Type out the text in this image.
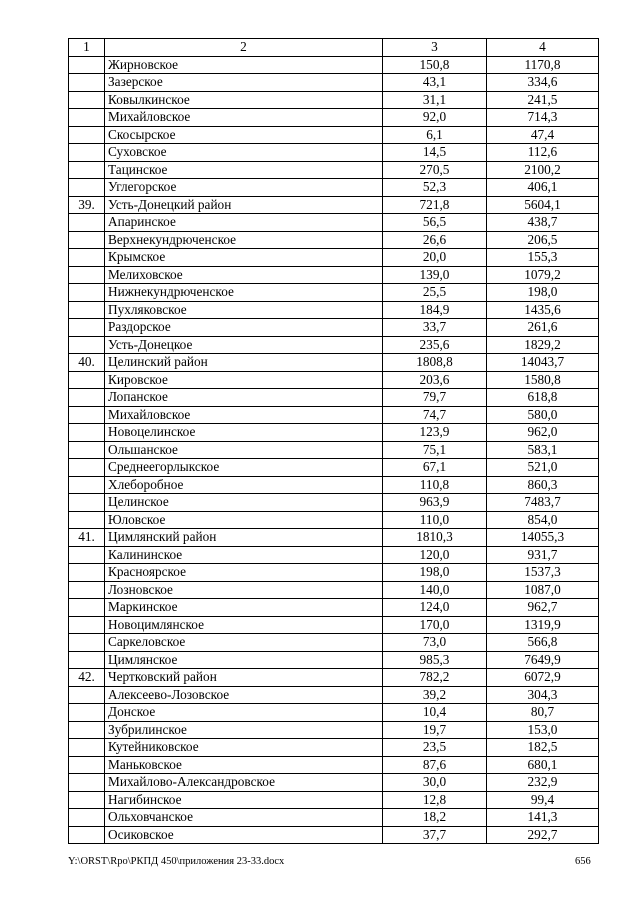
1	2	3	4
	Жирновское	150,8	1170,8
	Зазерское	43,1	334,6
	Ковылкинское	31,1	241,5
	Михайловское	92,0	714,3
	Скосырское	6,1	47,4
	Суховское	14,5	112,6
	Тацинское	270,5	2100,2
	Углегорское	52,3	406,1
39.	Усть-Донецкий район	721,8	5604,1
	Апаринское	56,5	438,7
	Верхнекундрюченское	26,6	206,5
	Крымское	20,0	155,3
	Мелиховское	139,0	1079,2
	Нижнекундрюченское	25,5	198,0
	Пухляковское	184,9	1435,6
	Раздорское	33,7	261,6
	Усть-Донецкое	235,6	1829,2
40.	Целинский район	1808,8	14043,7
	Кировское	203,6	1580,8
	Лопанское	79,7	618,8
	Михайловское	74,7	580,0
	Новоцелинское	123,9	962,0
	Ольшанское	75,1	583,1
	Среднеегорлыкское	67,1	521,0
	Хлеборобное	110,8	860,3
	Целинское	963,9	7483,7
	Юловское	110,0	854,0
41.	Цимлянский район	1810,3	14055,3
	Калининское	120,0	931,7
	Красноярское	198,0	1537,3
	Лозновское	140,0	1087,0
	Маркинское	124,0	962,7
	Новоцимлянское	170,0	1319,9
	Саркеловское	73,0	566,8
	Цимлянское	985,3	7649,9
42.	Чертковский район	782,2	6072,9
	Алексеево-Лозовское	39,2	304,3
	Донское	10,4	80,7
	Зубрилинское	19,7	153,0
	Кутейниковское	23,5	182,5
	Маньковское	87,6	680,1
	Михайлово-Александровское	30,0	232,9
	Нагибинское	12,8	99,4
	Ольховчанское	18,2	141,3
	Осиковское	37,7	292,7
Y:\ORST\Rpo\РКПД 450\приложения 23-33.docx	656
